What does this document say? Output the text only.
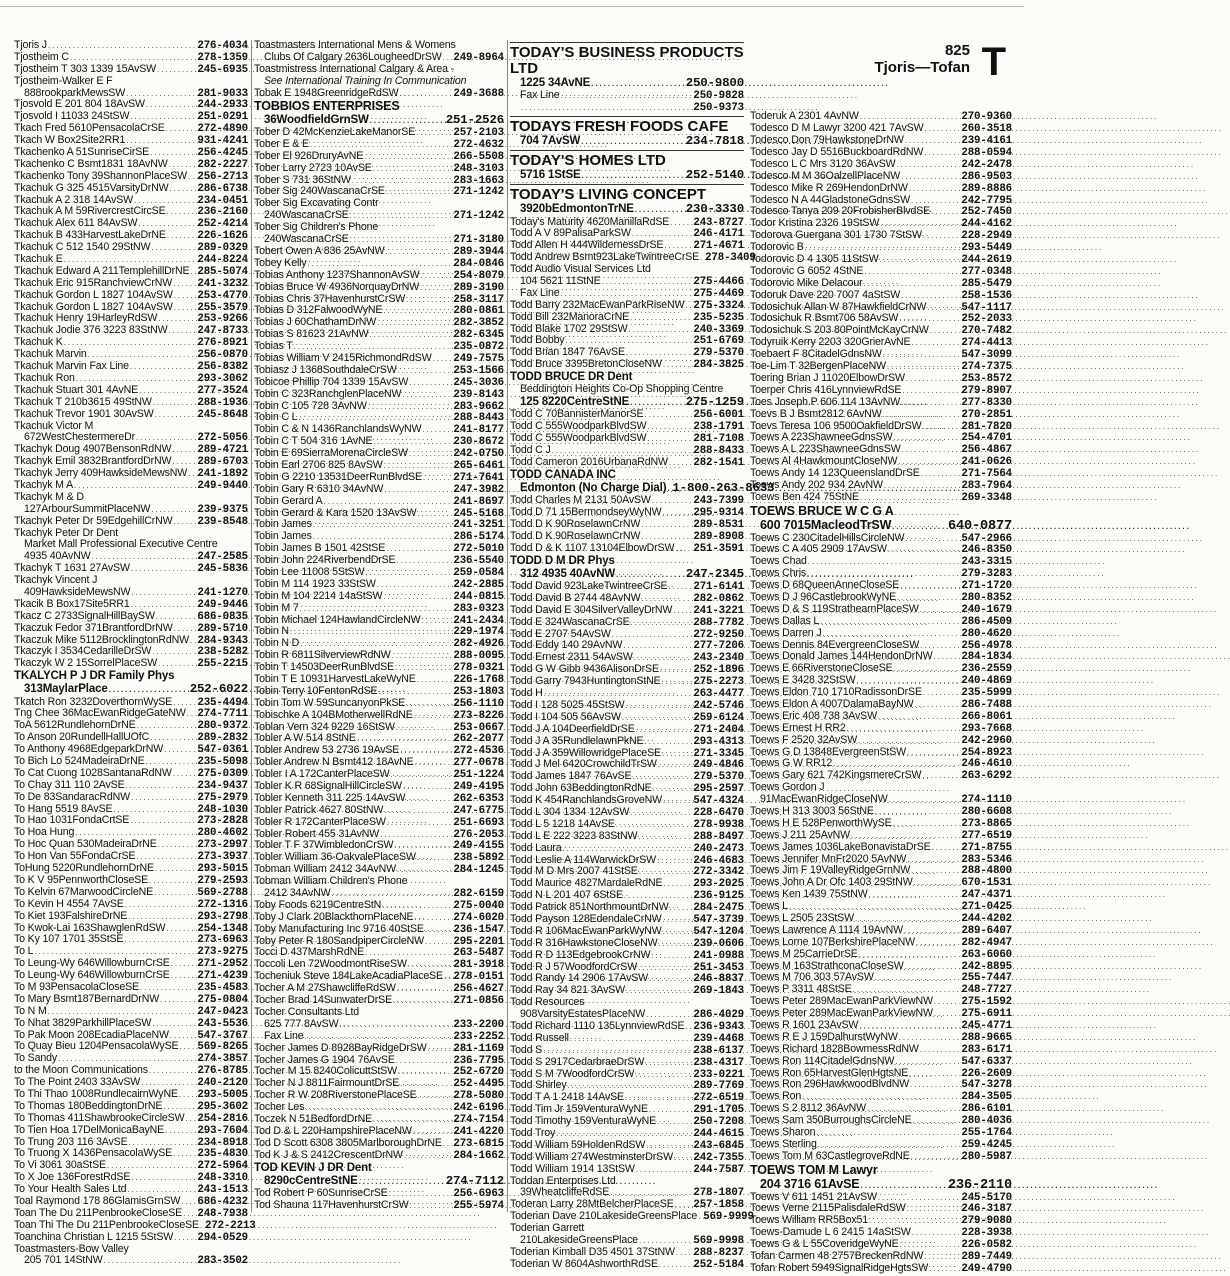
Tjoris J . . .	276-4034
Tjostheim C . . .	278-1359
Tjostheim T 303 1339 15AvSW . . .	245-6935
Tjostheim-Walker E F
888rookparkMewsSW . . .	281-9033
Tjosvold E 201 804 18AvSW . . .	244-2933
Tjosvold I 11033 24StSW . . .	251-0291
Tkach Fred 5610PensacolaCrSE . . .	272-4890
Tkach W Box2Site2RR1 . . .	931-4241
Tkachenko A 51SunriseCirSE . . .	256-4245
Tkachenko C Bsmt1831 18AvNW . . .	282-2227
Tkachenko Tony 39ShannonPlaceSW . . . 256-2713
Tkachuk G 325 4515VarsityDrNW . . .	286-6738
Tkachuk A 2 318 14AvSW . . .	234-0451
Tkachuk A M 59RivercrestCircSE . . .	236-2160
Tkachuk Alex 611 84AvSW . . .	252-4214
Tkachuk B 433HarvestLakeDrNE . . .	226-1626
Tkachuk C 512 1540 29StNW . . .	289-0329
Tkachuk E . . .	244-8224
Tkachuk Edward A 211TemplehillDrNE . . . 285-5074
Tkachuk Eric 915RanchviewCrNW . . . 241-3232
Tkachuk Gordon L 1827 104AvSW . . . 253-4770
Tkachuk Gordon L 1827 104AvSW . . . 255-3579
Tkachuk Henry 19HarleyRdSW . . .	253-9266
Tkachuk Jodie 376 3223 83StNW . . .	247-8733
Tkachuk K . . .	276-8921
Tkachuk Marvin . . .	256-0870
Tkachuk Marvin Fax Line . . .	256-8382
Tkachuk Ron . . .	293-3062
Tkachuk Stuart 301 4AvNE . . .	277-3524
Tkachuk T 210b3615 49StNW . . .	288-1936
Tkachuk Trevor 1901 30AvSW . . .	245-8648
Tkachuk Victor M
672WestChestermereDr . . .	272-5056
Tkachyk Doug 4907BensonRdNW . . . 289-4721
Tkachyk Emil 3832BrantfordDrNW . . . 289-6703
Tkachyk Jerry 409HawksideMewsNW . . . 241-1892
Tkachyk M A . . .	249-9440
Tkachyk M & D
127ArbourSummitPlaceNW . . .	239-9375
Tkachyk Peter Dr 59EdgehillCrNW . . . 239-8548
Tkachyk Peter Dr Dent
Market Mall Professional Executive Centre
4935 40AvNW . . .	247-2585
Tkachyk T 1631 27AvSW . . .	245-5836
Tkachyk Vincent J
409HawksideMewsNW . . .	241-1270
Tkacik B Box17Site5RR1 . . .	249-9446
Tkacz C 2733SignalHillBaySW . . .	686-0835
Tkaczuk Fedor 371BrantfordDrNW . . . 289-5710
Tkaczuk Mike 5112BrocklingtonRdNW . . . 284-9343
Tkaczyk I 3534CedarilleDrSW . . .	238-5282
Tkaczyk W 2 15SorrelPlaceSW . . .	255-2215
TKALYCH P J DR Family Phys
313MaylarPlace . . .	252-6022
Tkatch Ron 3232DoverthornWySE . . . 235-4494
Tng Chee 36MacEwanRidgeGateNW . . . 274-7711
ToA 5612RundlehornDrNE . . .	280-9372
To Anson 20RundellHallUOfC . . .	289-2832
To Anthony 4968EdgeparkDrNW . . .	547-0361
To Bich Lo 524MadeiraDrNE . . .	235-5098
To Cat Cuong 1028SantanaRdNW . . . 275-0309
To Chay 311 110 2AvSE . . .	234-9437
To De 83SandaracRdNW . . .	275-2979
To Hang 5519 8AvSE . . .	248-1030
To Hao 1031FondaCrtSE . . .	273-2828
To Hoa Hung . . .	280-4602
To Hoc Quan 530MadeiraDrNE . . .	273-2997
To Hon Van 55FondaCrSE . . .	273-3937
ToHung 5220RundlehornDrNE . . .	293-5015
To K V 95PennworthCloseSE . . .	279-2593
To Kelvin 67MarwoodCircleNE . . .	569-2788
To Kevin H 4554 7AvSE . . .	272-1316
To Kiet 193FalshireDrNE . . .	293-2798
To Kwok-Lai 163ShawglenRdSW . . .	254-1348
To Ky 107 1701 35StSE . . .	273-6963
To L . . .	273-9275
To Leung-Wy 646WillowburnCrSE . . .	271-2952
To Leung-Wy 646WillowburnCrSE . . .	271-4239
To M 93PensacolaCloseSE . . .	235-4583
To Mary Bsmt187BernardDrNW . . .	275-0804
To N M . . .	247-0423
To Nhat 3829ParkhillPlaceSW . . .	243-5536
To Pak Moon 208EcadiaPlaceNW . . .	547-3767
To Quay Bieu 1204PensacolaWySE . . . 569-8265
To Sandy . . .	274-3857
to the Moon Communications . . .	276-8785
To The Point 2403 33AvSW . . .	240-2120
To Thi Thao 1008RundlecairnWyNE . . . 293-5005
To Thomas 180BeddingtonDrNE . . .	295-3602
To Thomas 411ShawbrookeCircleSW . . . 254-2816
To Tien Hoa 17DelMonicaBayNE . . .	293-7604
To Trung 203 116 3AvSE . . .	234-8918
To Truong X 1436PensacolaWySE . . . 235-4830
To Vi 3061 30aStSE . . .	272-5964
To X Joe 136ForestRdSE . . .	248-3310
To Your Health Sales Ltd . . .	243-1513
Toal Raymond 178 86GlamisGrnSW . . . 686-4232
Toan The Du 211PenbrookeCloseSE . . . 248-7938
Toan Thi The Du 211PenbrookeCloseSE . . . 272-2213
Toanchina Christian L 1215 5StSW . . . 294-0529
Toastmasters-Bow Valley
205 701 14StNW . . .	283-3502
Toastmasters International Mens & Womens
Clubs Of Calgary 2636LougheedDrSW . . . 249-8964
Toastmistress International Calgary & Area -
See International Training In Communication
Tobak E 1948GreenridgeRdSW . . .	249-3688
TOBBIOS ENTERPRISES
36WoodfieldGrnSW . . .	251-2526
Tober D 42McKenzieLakeManorSE . . .	257-2103
Tober E & E . . .	272-4632
Tober El 926DruryAvNE . . .	266-5508
Tober Larry 2723 10AvSE . . .	248-3103
Tober S 731 36StNW . . .	283-1663
Tober Sig 240WascanaCrSE . . .	271-1242
Tober Sig Excavating Contr
240WascanaCrSE . . .	271-1242
Tober Sig Children's Phone
240WascanaCrSE . . .	271-3180
Tobert Owen A 836 25AvNW . . .	289-3944
Tobey Kelly . . .	284-0846
Tobias Anthony 1237ShannonAvSW . . .	254-8079
Tobias Bruce W 4936NorquayDrNW . . .	289-3190
Tobias Chris 37HavenhurstCrSW . . .	258-3117
Tobias D 312FalwoodWyNE . . .	280-0861
Tobias J 60ChathamDrNW . . .	282-3852
Tobias S 81623 21AvNW . . .	282-6345
Tobias T . . .	235-0872
Tobias William V 2415RichmondRdSW . . . 249-7575
Tobiasz J 1368SouthdaleCrSW . . .	253-1566
Tobicoe Phillip 704 1339 15AvSW . . .	245-3036
Tobin C 323RanchglenPlaceNW . . .	239-8143
Tobin C 105 728 3AvNW . . .	283-9662
Tobin C L . . .	288-8443
Tobin C & N 1436RanchlandsWyNW . . .	241-8177
Tobin C T 504 316 1AvNE . . .	230-8672
Tobin E 69SierraMorenaCircleSW . . .	242-0750
Tobin Earl 2706 825 8AvSW . . .	265-6461
Tobin G 2210 13531DeerRunBlvdSE . . .	271-7641
Tobin Gary R 6310 34AvNW . . .	247-3982
Tobin Gerard A . . .	241-8697
Tobin Gerard & Kara 1520 13AvSW . . .	245-5168
Tobin James . . .	241-3251
Tobin James . . .	286-5174
Tobin James B 1501 42StSE . . .	272-5010
Tobin John 224RiverbendDrSE . . .	236-5540
Tobin Lee 11008 5StSW . . .	259-0584
Tobin M 114 1923 33StSW . . .	242-2885
Tobin M 104 2214 14aStSW . . .	244-0815
Tobin M 7 . . .	283-0323
Tobin Michael 124HawlandCircleNW . . .	241-2434
Tobin N . . .	229-1974
Tobin N D . . .	282-4926
Tobin R 6811SilverviewRdNW . . .	288-0095
Tobin T 14503DeerRunBlvdSE . . .	278-0321
Tobin T E 10931HarvestLakeWyNE . . .	226-1768
Tobin Terry 10FentonRdSE . . .	253-1803
Tobin Tom W 59SuncanyonPkSE . . .	256-1110
Tobischke A 104BMotherwellRdNE . . .	273-8226
Toblan Vern 324 9229 16StSW . . .	253-0667
Tobler A W 514 8StNE . . .	262-2077
Tobler Andrew 53 2736 19AvSE . . .	272-4536
Tobler Andrew N Bsmt412 18AvNE . . .	277-0678
Tobler I A 172CanterPlaceSW . . .	251-1224
Tobler K R 68SignalHillCircleSW . . .	249-4195
Tobler Kenneth 311 225 14AvSW . . .	262-6353
Tobler Patrick 4627 80StNW . . .	247-6775
Tobler R 172CanterPlaceSW . . .	251-6693
Tobler Robert 455 31AvNW . . .	276-2053
Tobler T F 37WimbledonCrSW . . .	249-4155
Tobler William 36-OakvalePlaceSW . . .	238-5892
Tobman William 2412 34AvNW . . .	284-1245
Tobman William Children's Phone
2412 34AvNW . . .	282-6159
Toby Foods 6219CentreStN . . .	275-0040
Toby J Clark 20BlackthornPlaceNE . . .	274-6020
Toby Manufacturing Inc 9716 40StSE . . .	236-1547
Toby Peter R 180SandpiperCircleNW . . .	295-2201
Tocci D 437MarshRdNE . . .	263-5487
Toccoli Len 72WoodmontRiseSW . . .	281-3918
Tocheniuk Steve 184LakeAcadiaPlaceSE . . . 278-0151
Tocher A M 27ShawcliffeRdSW . . .	256-4627
Tocher Brad 14SunwaterDrSE . . .	271-0856
Tocher Consultants Ltd
625 777 8AvSW . . .	233-2200
Fax Line . . .	233-2252
Tocher James D 8928BayRidgeDrSW . . . 281-1169
Tocher James G 1904 76AvSE . . .	236-7795
Tocher M 15 8240ColicuttStSW . . .	252-6720
Tocher N J 8811FairmountDrSE . . .	252-4495
Tocher R W 208RiverstonePlaceSE . . .	278-5080
Tocher Les . . .	242-6196
Toczek N 51BedfordDrNE . . .	274-7154
Tod D & L 220HampshirePlaceNW . . .	241-4220
Tod D Scott 6308 3805MarlboroughDrNE . . . 273-6815
Tod K J & S 2412CrescentDrNW . . .	284-1662
TOD KEVIN J DR Dent
8290cCentreStNE . . .	274-7112
Tod Robert P 60SunriseCrSE . . .	256-6963
Tod Shauna 117HavenhurstCrSW . . .	255-5974
TODAY'S BUSINESS PRODUCTS LTD
1225 34AvNE . . .	250-9800
Fax Line . . .	250-9828
. . .
250-9373
TODAYS FRESH FOODS CAFE
704 7AvSW . . .	234-7818
TODAY'S HOMES LTD
5716 1StSE . . .	252-5140
TODAY'S LIVING CONCEPT
3920bEdmontonTrNE . . .	230-3330
Today's Maturity 4620ManillaRdSE . . . 243-8727
Todd A V 89PalisaParkSW . . .	246-4171
Todd Allen H 444WildernessDrSE . . .	271-4671
Todd Andrew Bsmt923LakeTwintreeCrSE . . . 278-3409
Todd Audio Visual Services Ltd
104 5621 11StNE . . .	275-4466
Fax Line . . .	275-4469
Todd Barry 232MacEwanParkRiseNW . . . 275-3324
Todd Bill 232ManoraCrNE . . .	235-5235
Todd Blake 1702 29StSW . . .	240-3369
Todd Bobby . . .	251-6769
Todd Brian 1847 76AvSE . . .	279-5370
Todd Bruce 3395BretonCloseNW . . .	284-3825
TODD BRUCE DR Dent
Beddington Heights Co-Op Shopping Centre
125 8220CentreStNE . . .	275-1259
Todd C 70BannisterManorSE . . .	256-6001
Todd C 555WoodparkBlvdSW . . .	238-1791
Todd C 555WoodparkBlvdSW . . .	281-7108
Todd C J . . .	288-8433
Todd Cameron 2016UrbanaRdNW . . . 282-1541
TODD CANADA INC
Edmonton (No Charge Dial) . . . 1-800-263-8633
Todd Charles M 2131 50AvSW . . .	243-7399
Todd D 71 15BermondseyWyNW . . .	295-9314
Todd D K 90RoselawnCrNW . . .	289-8531
Todd D K 90RoselawnCrNW . . .	289-8908
Todd D & K 1107 13104ElbowDrSW . . . 251-3591
TODD D M DR Phys
312 4935 40AvNW . . .	247-2345
Todd David 923LakeTwintreeCrSE . . . 271-6141
Todd David B 2744 48AvNW . . .	282-0862
Todd David E 304SilverValleyDrNW . . . 241-3221
Todd E 324WascanaCrSE . . .	288-7782
Todd E 2707 54AvSW . . .	272-9250
Todd Eddy 140 29AvNW . . .	277-7206
Todd Ernest 2311 54AvSW . . .	243-2340
Todd G W Gibb 9436AlisonDrSE . . .	252-1896
Todd Garry 7943HuntingtonStNE . . .	275-2273
Todd H . . .	263-4477
Todd I 128 5025 45StSW . . .	242-5746
Todd I 104 505 56AvSW . . .	259-6124
Todd J A 104DeerfieldDrSE . . .	271-2404
Todd J A 35RundlelawnPkNE . . .	293-4313
Todd J A 359WillowridgePlaceSE . . .	271-3345
Todd J Mel 6420CrowchildTrSW . . .	249-4846
Todd James 1847 76AvSE . . .	279-5370
Todd John 63BeddingtonRdNE . . .	295-2597
Todd K 454RanchlandsGroveNW . . .	547-4324
Todd L 304 1334 12AvSW . . .	228-6470
Todd L 5 1218 14AvSE . . .	278-9938
Todd L E 222 3223 83StNW . . .	288-8497
Todd Laura . . .	240-2473
Todd Leslie A 114WarwickDrSW . . .	246-4683
Todd M D Mrs 2007 41StSE . . .	272-3342
Todd Maurice 4827MardaleRdNE . . .	293-2025
Todd N L 201 407 6StSE . . .	236-9125
Todd Patrick 851NorthmountDrNW . . . 284-2475
Todd Payson 128EdendaleCrNW . . .	547-3739
Todd R 106MacEwanParkWyNW . . .	547-1204
Todd R 316HawkstoneCloseNW . . .	239-0606
Todd R D 113EdgebrookCrNW . . .	241-0988
Todd R J 57WoodfordCrSW . . .	251-3453
Todd Randy 14 2906 17AvSW . . .	246-8837
Todd Ray 34 821 3AvSW . . .	269-1843
Todd Resources
908VarsityEstatesPlaceNW . . .	286-4029
Todd Richard 1110 135LynnviewRdSE . . . 236-9343
Todd Russell . . .	239-4468
Todd S . . .	238-6137
Todd S 2917CedarbraeDrSW . . .	238-4317
Todd S M 7WoodfordCrSW . . .	233-0221
Todd Shirley . . .	289-7769
Todd T A 1 2418 14AvSE . . .	272-6519
Todd Tim Jr 159VenturaWyNE . . .	291-1705
Todd Timothy 159VenturaWyNE . . .	250-7208
Todd Troy . . .	244-4615
Todd William 59HoldenRdSW . . .	243-6845
Todd William 274WestminsterDrSW . . . 242-7355
Todd William 1914 13StSW . . .	244-7587
Toddan Enterprises Ltd
39WheatcliffeRdSE . . .	278-1807
Toderan Larry 28MtBelcherPlaceSE . . . 257-1858
Toderian Dave 210LakesideGreensPlace . . . 569-9999
Toderian Garrett
210LakesideGreensPlace . . .	569-9998
Toderian Kimball D35 4501 37StNW . . . 288-8237
Toderian W 8604AshworthRdSE . . .	252-5184
825
Tjoris—Tofan T
Toderuk A 2301 4AvNW . . .	270-9360
Todesco D M Lawyr 3200 421 7AvSW . . .	260-3518
Todesco Don 79HawkstoneDrNW . . .	239-4161
Todesco Jay D 5516BuckboardRdNW . . .	288-0594
Todesco L C Mrs 3120 36AvSW . . .	242-2478
Todesco M M 36OalzellPlaceNW . . .	286-9503
Todesco Mike R 269HendonDrNW . . .	289-8886
Todesco N A 44GladstoneGdnsSW . . .	242-7795
Todesco Tanya 209 20FrobisherBlvdSE . . .	252-7450
Todor Kristina 2326 19StSW . . .	244-4162
Todorova Guergana 301 1730 7StSW . . .	228-2949
Todorovic B . . .	293-5449
Todorovic D 4 1305 11StSW . . .	244-2619
Todorovic G 6052 4StNE . . .	277-0348
Todorovic Mike Delacour . . .	285-5479
Todoruk Dave 220 7007 4aStSW . . .	258-1536
Todosichuk Allan W 87HawkfieldCrNW . . .	547-1117
Todosichuk R Bsmt706 58AvSW . . .	252-2033
Todosichuk S 203 80PointMcKayCrNW . . .	270-7482
Todyruik Kerry 2203 320GrierAvNE . . .	274-4413
Toebaert F 8CitadelGdnsNW . . .	547-3099
Toe-Lim T 32BergenPlaceNW . . .	274-7375
Toering Brian J 11020ElbowDrSW . . .	253-8572
Toerper Chris 416LynnviewRdSE . . .	279-8907
Toes Joseph P 606 114 13AvNW . . .	277-8330
Toevs B J Bsmt2812 6AvNW . . .	270-2851
Toevs Teresa 106 9500OakfieldDrSW . . .	281-7820
Toews A 223ShawneeGdnsSW . . .	254-4701
Toews A L 223ShawneeGdnsSW . . .	256-4867
Toews Al 4HawkmountCloseNW . . .	241-0626
Toews Andy 14 123QueenslandDrSE . . .	271-7564
Toews Andy 202 934 2AvNW . . .	283-7964
Toews Ben 424 75StNE . . .	269-3348
TOEWS BRUCE W C G A
600 7015MacleodTrSW . . .	640-0877
Toews C 230CitadelHillsCircleNW . . .	547-2966
Toews C A 405 2909 17AvSW . . .	246-8350
Toews Chad . . .	243-3315
Toews Chris . . .	279-3283
Toews D 68QueenAnneCloseSE . . .	271-1720
Toews D J 96CastlebrookWyNE . . .	280-8352
Toews D & S 119StrathearnPlaceSW . . .	240-1679
Toews Dallas L . . .	286-4509
Toews Darren J . . .	280-4620
Toews Dennis 84EvergreenCloseSW . . .	256-4978
Toews Donald James 144HendonDrNW . . .	284-1834
Toews E 66RiverstoneCloseSE . . .	236-2559
Toews E 3428 32StSW . . .	240-4869
Toews Eldon 710 1710RadissonDrSE . . .	235-5999
Toews Eldon A 4007DalamaBayNW . . .	286-7488
Toews Eric 408 738 3AvSW . . .	266-8061
Toews Ernest H RR2 . . .	293-7668
Toews F 2520 32AvSW . . .	242-2960
Toews G D 13848EvergreenStSW . . .	254-8923
Toews G W RR12 . . .	246-4610
Toews Gary 621 742KingsmereCrSW . . .	263-6292
Toews Gordon J
91MacEwanRidgeCloseNW . . .	274-1110
Toews H 313 3003 56StNE . . .	280-6608
Toews H E 528PenworthWySE . . .	273-8865
Toews J 211 25AvNW . . .	277-6519
Toews James 1036LakeBonavistaDrSE . . .	271-8755
Toews Jennifer MnFr2020 5AvNW . . .	283-5346
Toews Jim F 19ValleyRidgeGrnNW . . .	288-4800
Toews John A Dr Ofc 1403 29StNW . . .	670-1531
Toews Ken 1439 75StNW . . .	247-4371
Toews L . . .	271-0425
Toews L 2505 23StSW . . .	244-4202
Toews Lawrence A 1114 19AvNW . . .	289-6407
Toews Lorne 107BerkshirePlaceNW . . .	282-4947
Toews M 25CarrieDrSE . . .	263-6060
Toews M 163StrathconaCloseSW . . .	242-8895
Toews M 706 303 57AvSW . . .	255-7447
Toews P 3311 48StSE . . .	248-7727
Toews Peter 289MacEwanParkViewNW . . .	275-1592
Toews Peter 289MacEwanParkViewNW . . .	275-6911
Toews R 1601 23AvSW . . .	245-4771
Toews R E J 159DalhurstWyNW . . .	288-9665
Toews Richard 1828BowmessRdNW . . .	283-6171
Toews Ron 114CitadelGdnsNW . . .	547-6337
Toews Ron 65HarvestGlenHgtsNE . . .	226-2609
Toews Ron 296HawkwoodBlvdNW . . .	547-3278
Toews Ron . . .	284-3505
Toews S 2 8112 36AvNW . . .	286-6101
Toews Sam 350BurroughsCircleNE . . .	280-4036
Toews Sharon . . .	255-1764
Toews Sterling . . .	259-4245
Toews Tom M 63CastlegroveRdNE . . .	280-5987
TOEWS TOM M Lawyr
204 3716 61AvSE . . .	236-2110
Toews V 611 1451 21AvSW . . .	245-5170
Toews Verne 2115PalisdaleRdSW . . .	246-3187
Toews William RR5Box51 . . .	279-9080
Toews-Damude L 6 2415 14aStSW . . .	228-3938
Toews G & L 55CoveridgeWyNE . . .	226-0582
Tofan Carmen 48 2757BreckenRdNW . . .	289-7449
Tofan Robert 5949SignalRidgeHgtsSW . . .	249-4790
